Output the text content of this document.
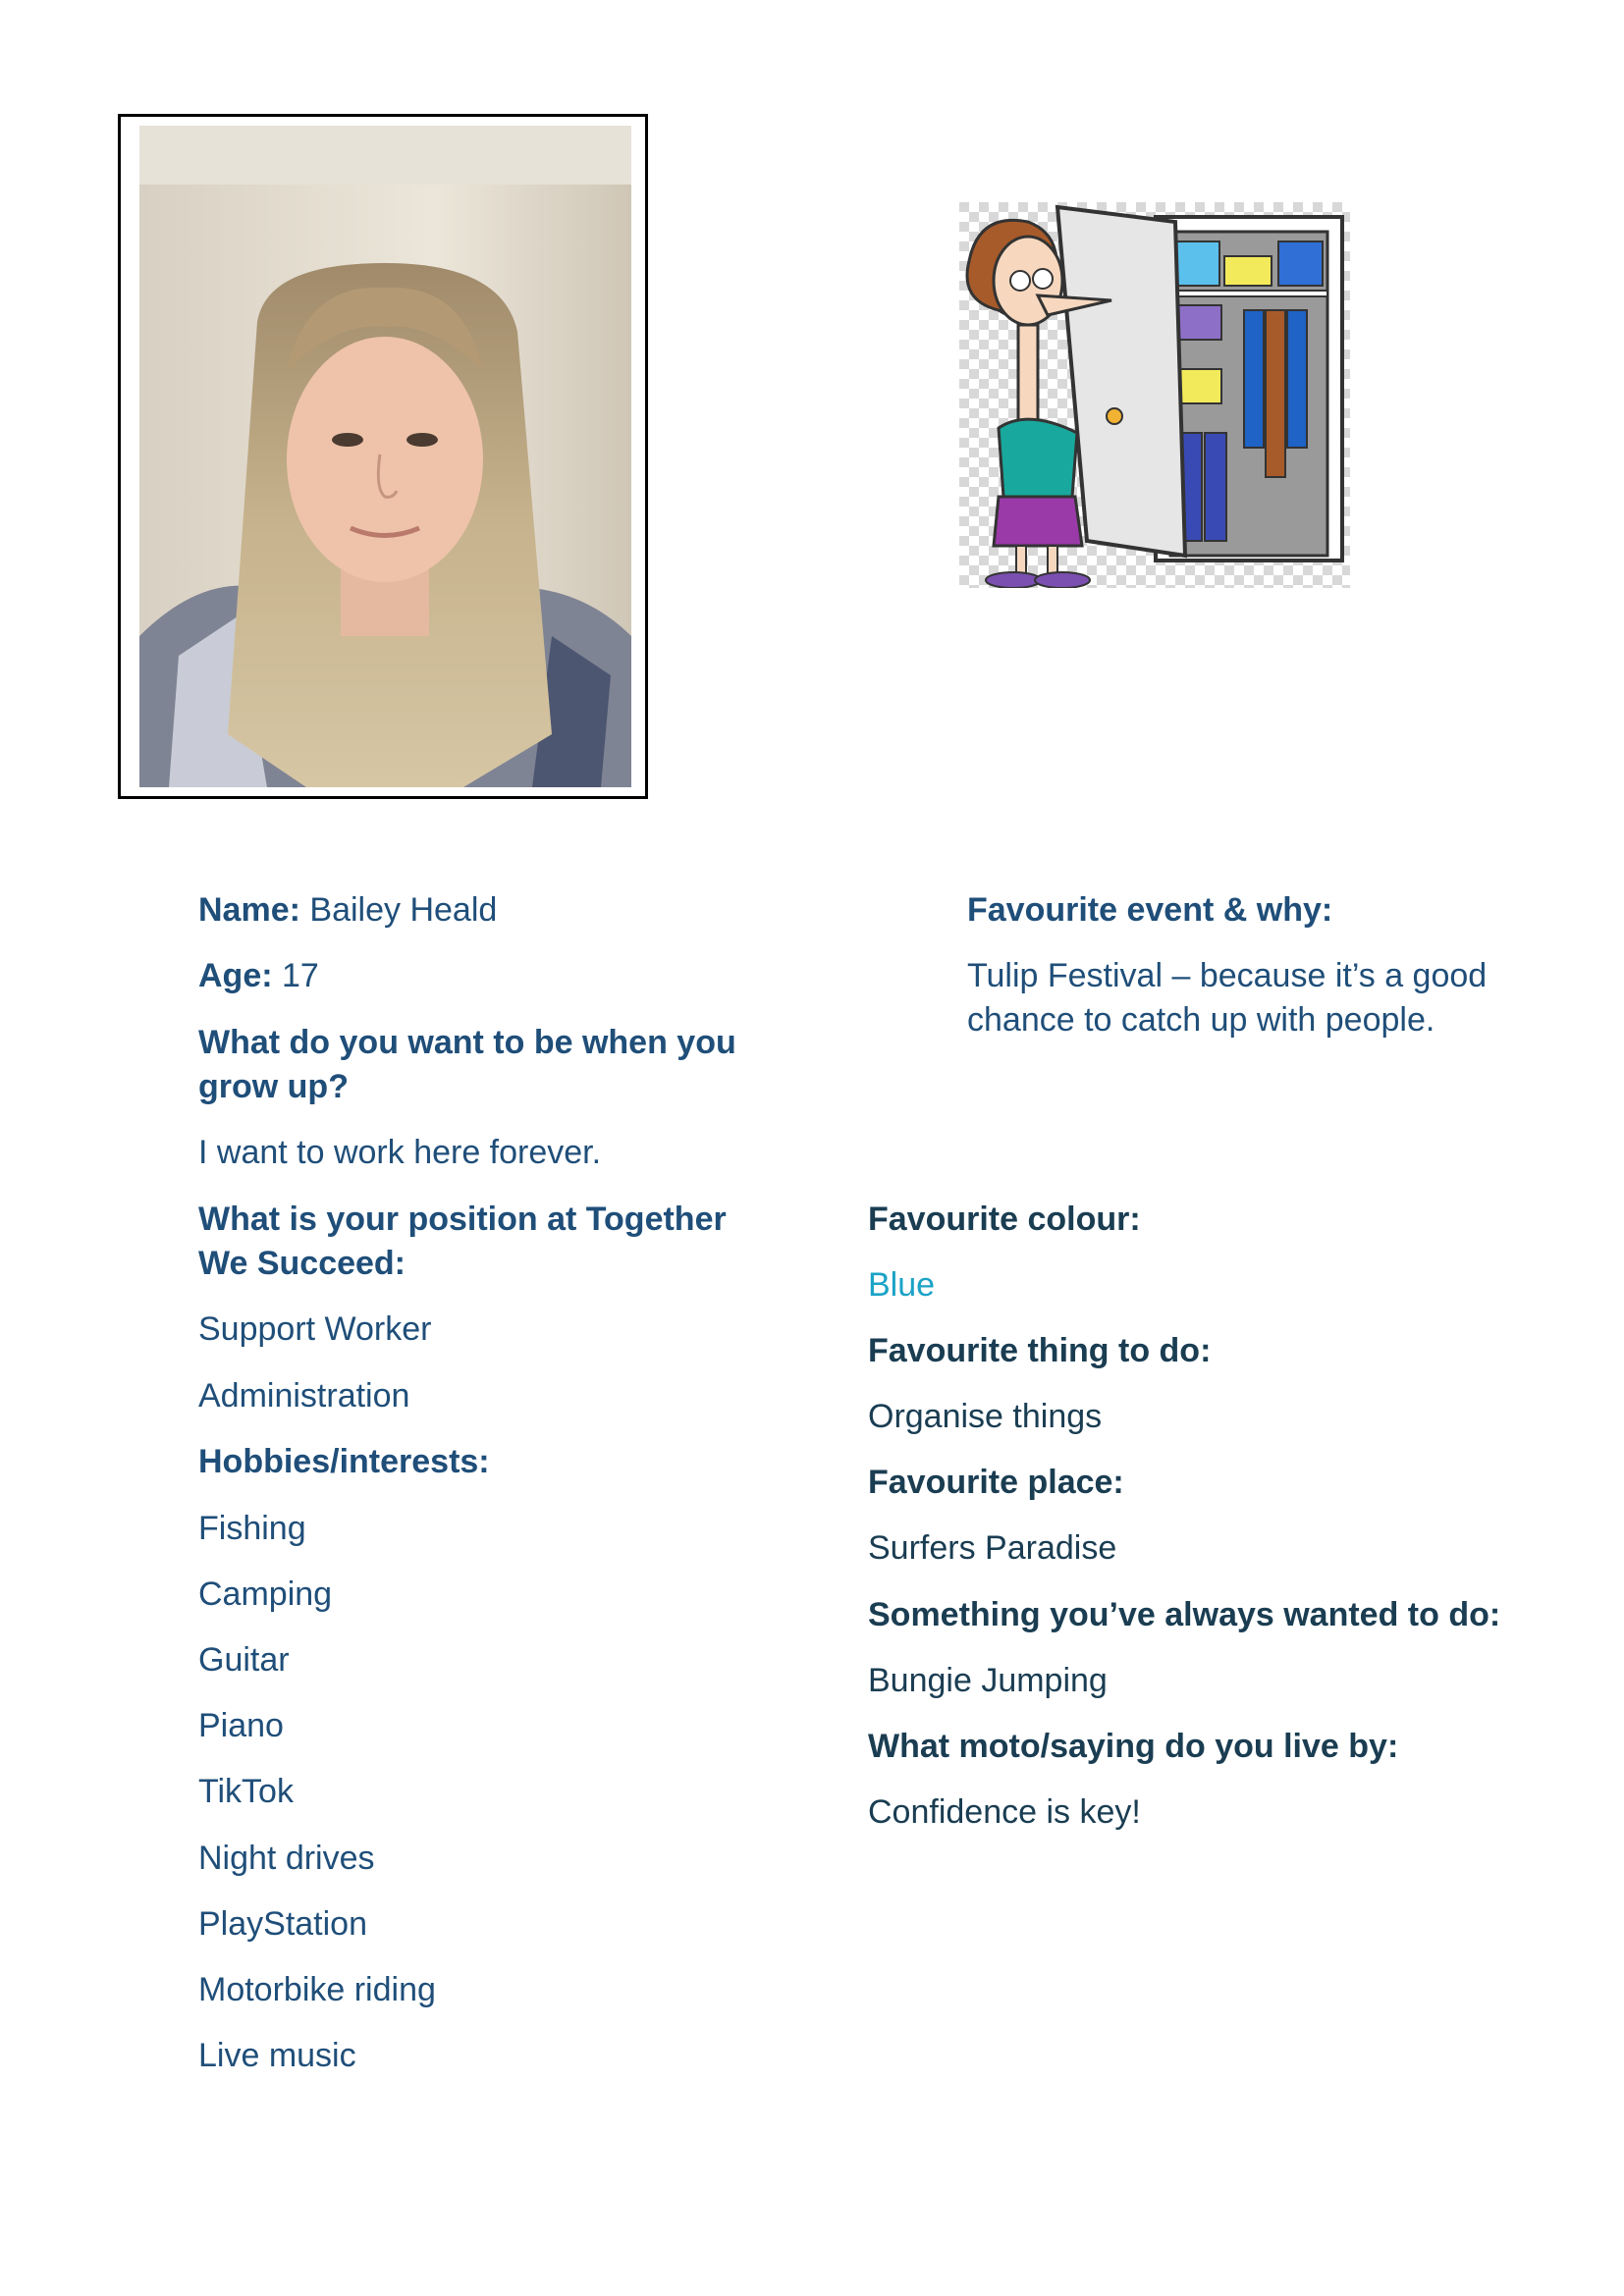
Name: Bailey Heald
Age: 17
What do you want to be when you
grow up?
I want to work here forever.
What is your position at Together
We Succeed:
Support Worker
Administration
Hobbies/interests:
Fishing
Camping
Guitar
Piano
TikTok
Night drives
PlayStation
Motorbike riding
Live music
Favourite event & why:
Tulip Festival – because it’s a good
chance to catch up with people.
Favourite colour:
Blue
Favourite thing to do:
Organise things
Favourite place:
Surfers Paradise
Something you’ve always wanted to do:
Bungie Jumping
What moto/saying do you live by:
Confidence is key!
